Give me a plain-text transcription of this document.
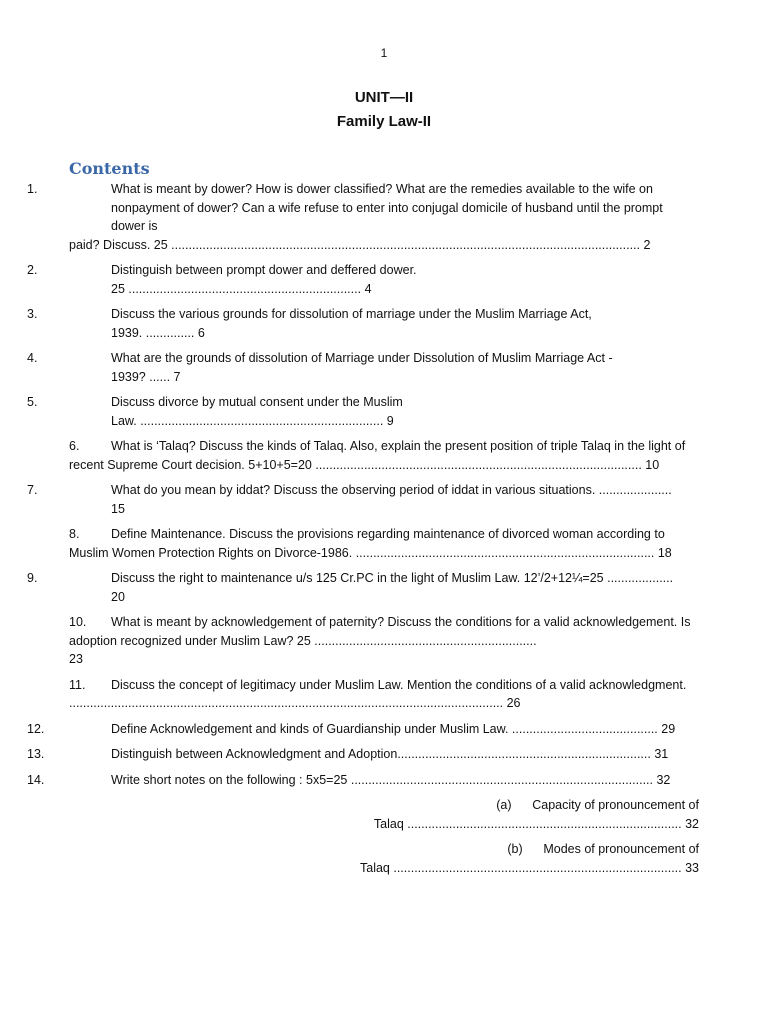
1
UNIT—II
Family Law-II
Contents
1.	What is meant by dower? How is dower classified? What are the remedies available to the wife on nonpayment of dower? Can a wife refuse to enter into conjugal domicile of husband until the prompt dower is
paid? Discuss. 25 ....................................................................................................................................... 2
2.	Distinguish between prompt dower and deffered dower.
25 ................................................................... 4
3.	Discuss the various grounds for dissolution of marriage under the Muslim Marriage Act,
1939. .............. 6
4.	What are the grounds of dissolution of Marriage under Dissolution of Muslim Marriage Act -
1939? ...... 7
5.	Discuss divorce by mutual consent under the Muslim
Law. ...................................................................... 9
6.	What is ‘Talaq? Discuss the kinds of Talaq. Also, explain the present position of triple Talaq in the light of recent Supreme Court decision. 5+10+5=20 .............................................................................................. 10
7.	What do you mean by iddat? Discuss the observing period of iddat in various situations. .....................
15
8.	Define Maintenance. Discuss the provisions regarding maintenance of divorced woman according to Muslim Women Protection Rights on Divorce-1986. ...................................................................................... 18
9.	Discuss the right to maintenance u/s 125 Cr.PC in the light of Muslim Law. 12’/2+12¼=25 ...................
20
10. What is meant by acknowledgement of paternity? Discuss the conditions for a valid acknowledgement. Is adoption recognized under Muslim Law? 25 ................................................................
23
11. Discuss the concept of legitimacy under Muslim Law. Mention the conditions of a valid acknowledgment. ............................................................................................................................. 26
12.	Define Acknowledgement and kinds of Guardianship under Muslim Law. .......................................... 29
13.	Distinguish between Acknowledgment and Adoption......................................................................... 31
14.	Write short notes on the following : 5x5=25 ....................................................................................... 32
(a) Capacity of pronouncement of
Talaq ............................................................................... 32
(b) Modes of pronouncement of
Talaq ................................................................................... 33
